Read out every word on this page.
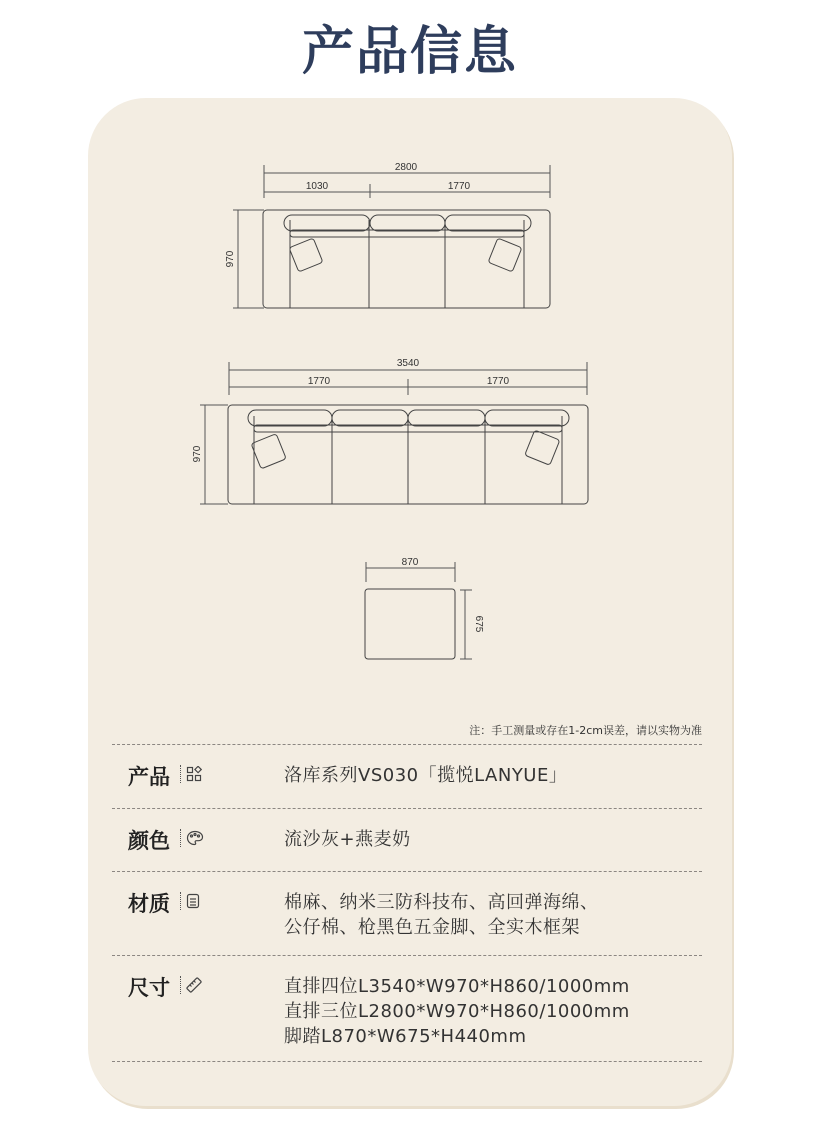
产品信息
2800
1030	1770
970
3540
1770	1770
970
870
675
注：手工测量或存在1-2cm误差，请以实物为准
产品	洛库系列VS030「揽悦LANYUE」
颜色	流沙灰+燕麦奶
材质	棉麻、纳米三防科技布、高回弹海绵、
公仔棉、枪黑色五金脚、全实木框架
尺寸	直排四位L3540*W970*H860/1000mm
直排三位L2800*W970*H860/1000mm
脚踏L870*W675*H440mm
